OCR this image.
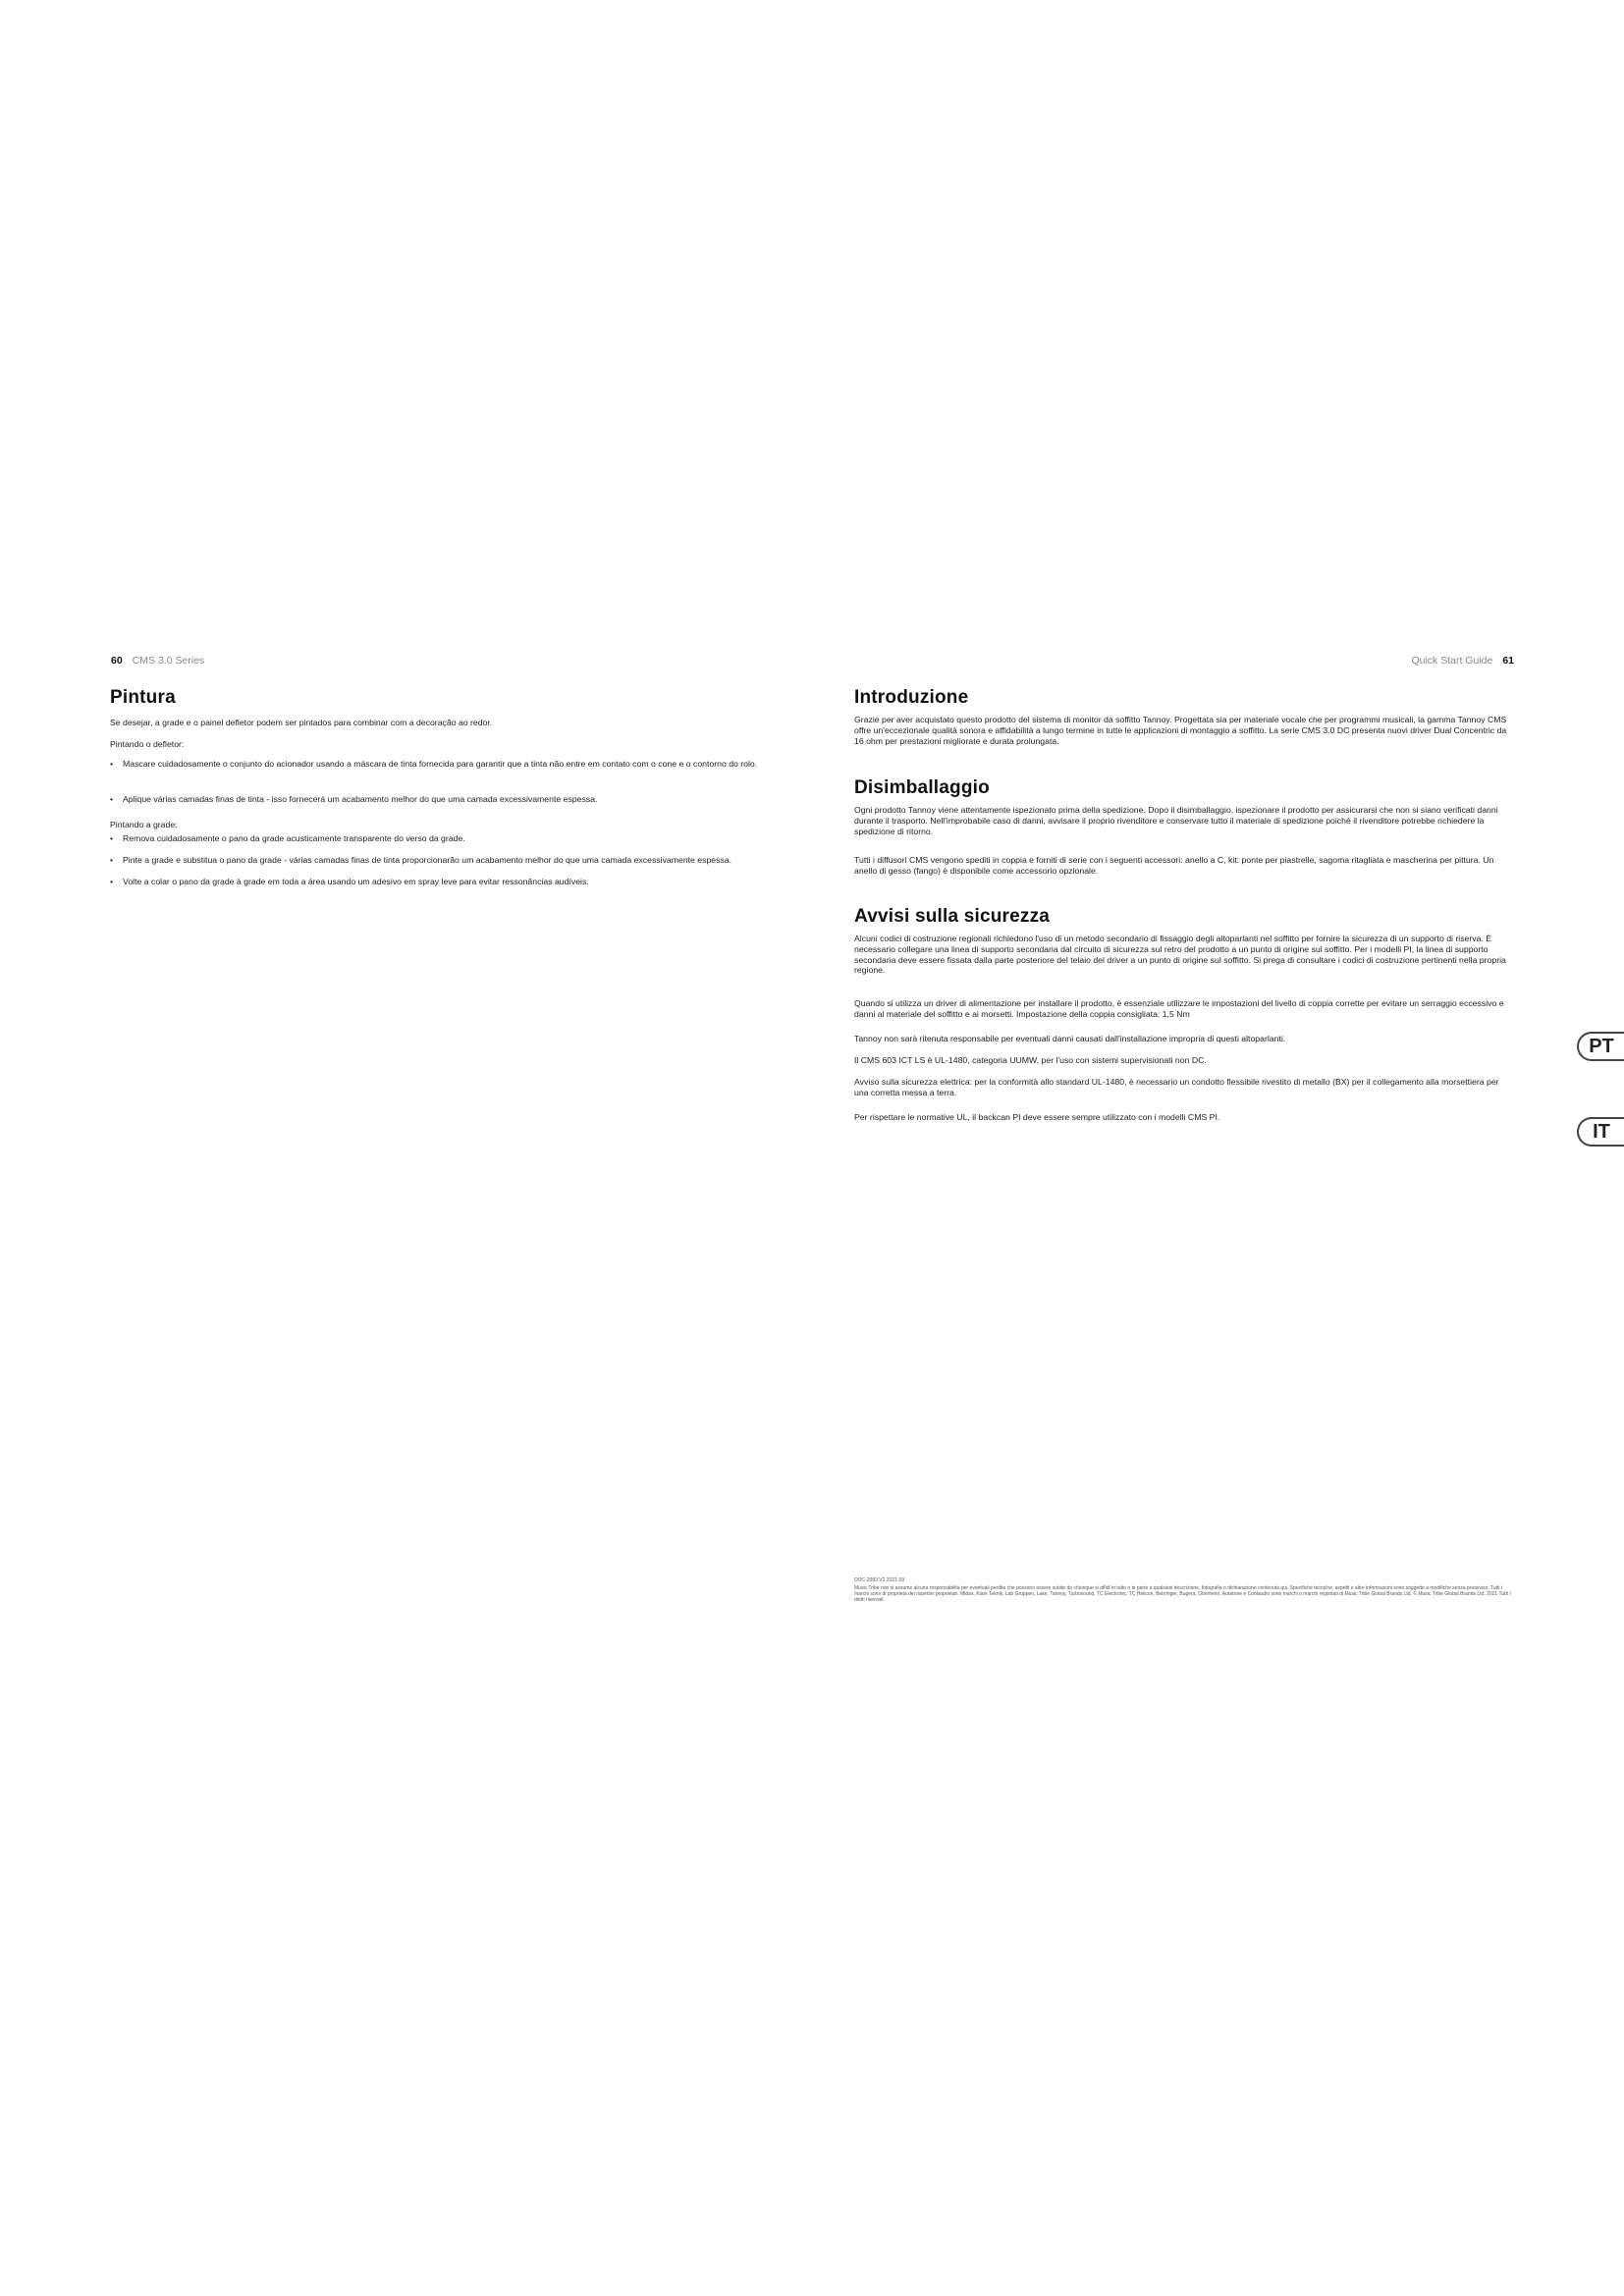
60 CMS 3.0 Series
Pintura

Se desejar, a grade e o painel defletor podem ser pintados para combinar com a decoração ao redor.

Pintando o defletor:

•	Mascare cuidadosamente o conjunto do acionador usando a máscara de tinta fornecida para garantir que a tinta não entre em contato com o cone e o contorno do rolo.
•	Aplique várias camadas finas de tinta - isso fornecerá um acabamento melhor do que uma camada excessivamente espessa.

Pintando a grade:

•	Remova cuidadosamente o pano da grade acusticamente transparente do verso da grade.
•	Pinte a grade e substitua o pano da grade - várias camadas finas de tinta proporcionarão um acabamento melhor do que uma camada excessivamente espessa.
•	Volte a colar o pano da grade à grade em toda a área usando um adesivo em spray leve para evitar ressonâncias audíveis.
Quick Start Guide 61
Introduzione

Grazie per aver acquistato questo prodotto del sistema di monitor da soffitto Tannoy. Progettata sia per materiale vocale che per programmi musicali, la gamma Tannoy CMS offre un'eccezionale qualità sonora e affidabilità a lungo termine in tutte le applicazioni di montaggio a soffitto. La serie CMS 3.0 DC presenta nuovi driver Dual Concentric da 16 ohm per prestazioni migliorate e durata prolungata.

Disimballaggio

Ogni prodotto Tannoy viene attentamente ispezionato prima della spedizione. Dopo il disimballaggio, ispezionare il prodotto per assicurarsi che non si siano verificati danni durante il trasporto. Nell'improbabile caso di danni, avvisare il proprio rivenditore e conservare tutto il materiale di spedizione poiché il rivenditore potrebbe richiedere la spedizione di ritorno.

Tutti i diffusori CMS vengono spediti in coppia e forniti di serie con i seguenti accessori: anello a C, kit: ponte per piastrelle, sagoma ritagliata e mascherina per pittura. Un anello di gesso (fango) è disponibile come accessorio opzionale.

Avvisi sulla sicurezza

Alcuni codici di costruzione regionali richiedono l'uso di un metodo secondario di fissaggio degli altoparlanti nel soffitto per fornire la sicurezza di un supporto di riserva. È necessario collegare una linea di supporto secondaria dal circuito di sicurezza sul retro del prodotto a un punto di origine sul soffitto. Per i modelli PI, la linea di supporto secondaria deve essere fissata dalla parte posteriore del telaio del driver a un punto di origine sul soffitto. Si prega di consultare i codici di costruzione pertinenti nella propria regione.

Quando si utilizza un driver di alimentazione per installare il prodotto, è essenziale utilizzare le impostazioni del livello di coppia corrette per evitare un serraggio eccessivo e danni al materiale del soffitto e ai morsetti. Impostazione della coppia consigliata: 1,5 Nm

Tannoy non sarà ritenuta responsabile per eventuali danni causati dall'installazione impropria di questi altoparlanti.

Il CMS 603 ICT LS è UL-1480, categoria UUMW, per l'uso con sistemi supervisionati non DC.

Avviso sulla sicurezza elettrica: per la conformità allo standard UL-1480, è necessario un condotto flessibile rivestito di metallo (BX) per il collegamento alla morsettiera per una corretta messa a terra.

Per rispettare le normative UL, il backcan PI deve essere sempre utilizzato con i modelli CMS PI.

PT
IT

DOC-2083 V2 2021-09

Music Tribe non si assume alcuna responsabilità per eventuali perdite che possono essere subite da chiunque si affidi in tutto o in parte a qualsiasi descrizione, fotografia o dichiarazione contenuta qui. Specifiche tecniche, aspetti e altre informazioni sono soggette a modifiche senza preavviso. Tutti i marchi sono di proprietà dei rispettivi proprietari. Midas, Klark Teknik, Lab Gruppen, Lake, Tannoy, Turbosound, TC Electronic, TC Helicon, Behringer, Bugera, Oberheim, Auratone e Coolaudio sono marchi o marchi registrati di Music Tribe Global Brands Ltd. © Music Tribe Global Brands Ltd. 2021 Tutti i diritti riservati.
